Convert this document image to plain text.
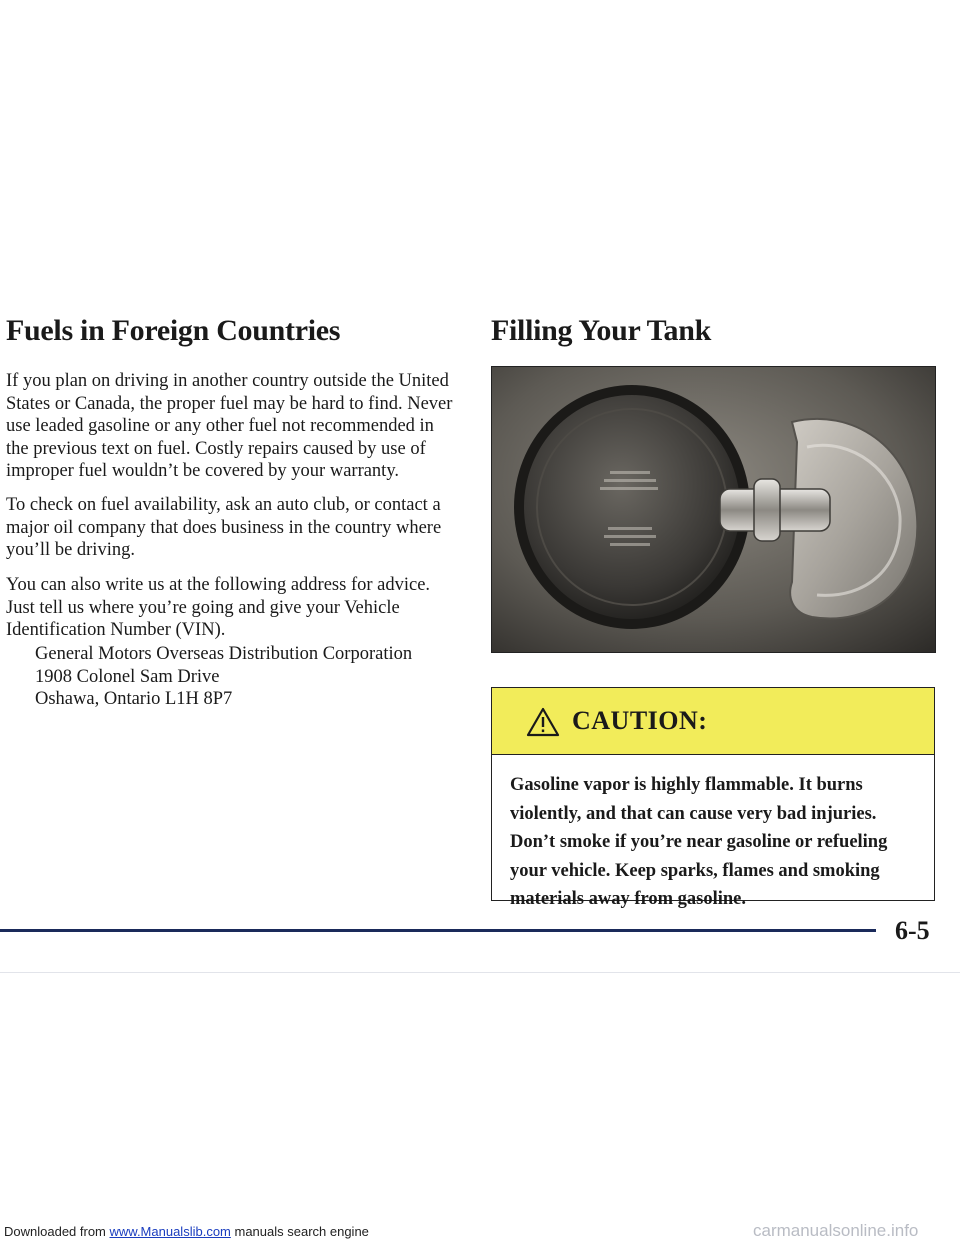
Fuels in Foreign Countries

If you plan on driving in another country outside the United States or Canada, the proper fuel may be hard to find. Never use leaded gasoline or any other fuel not recommended in the previous text on fuel. Costly repairs caused by use of improper fuel wouldn’t be covered by your warranty.

To check on fuel availability, ask an auto club, or contact a major oil company that does business in the country where you’ll be driving.

You can also write us at the following address for advice. Just tell us where you’re going and give your Vehicle Identification Number (VIN).

General Motors Overseas Distribution Corporation
1908 Colonel Sam Drive
Oshawa, Ontario L1H 8P7
Filling Your Tank
CAUTION:

Gasoline vapor is highly flammable. It burns violently, and that can cause very bad injuries. Don’t smoke if you’re near gasoline or refueling your vehicle. Keep sparks, flames and smoking materials away from gasoline.

6-5
Downloaded from www.Manualslib.com manuals search engine	carmanualsonline.info
